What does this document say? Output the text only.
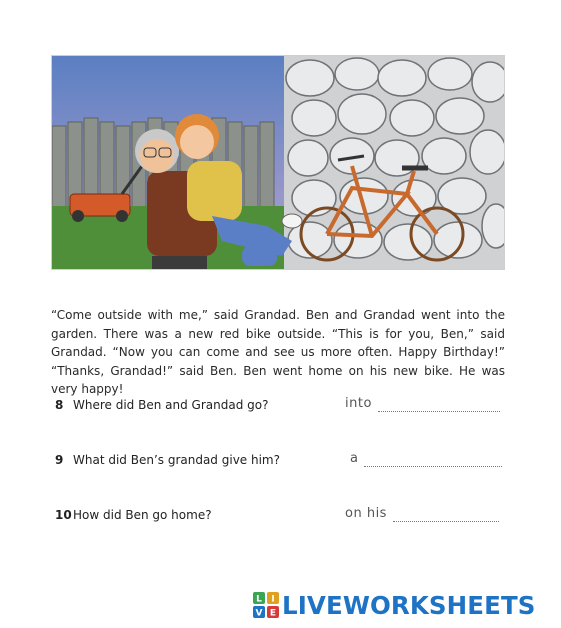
“Come outside with me,” said Grandad. Ben and Grandad went into the garden. There was a new red bike outside. “This is for you, Ben,” said Grandad. “Now you can come and see us more often. Happy Birthday!” “Thanks, Grandad!” said Ben. Ben went home on his new bike. He was very happy!

8 Where did Ben and Grandad go?	into
9 What did Ben’s grandad give him?	a
10 How did Ben go home?	on his
L I
V E LIVEWORKSHEETS
